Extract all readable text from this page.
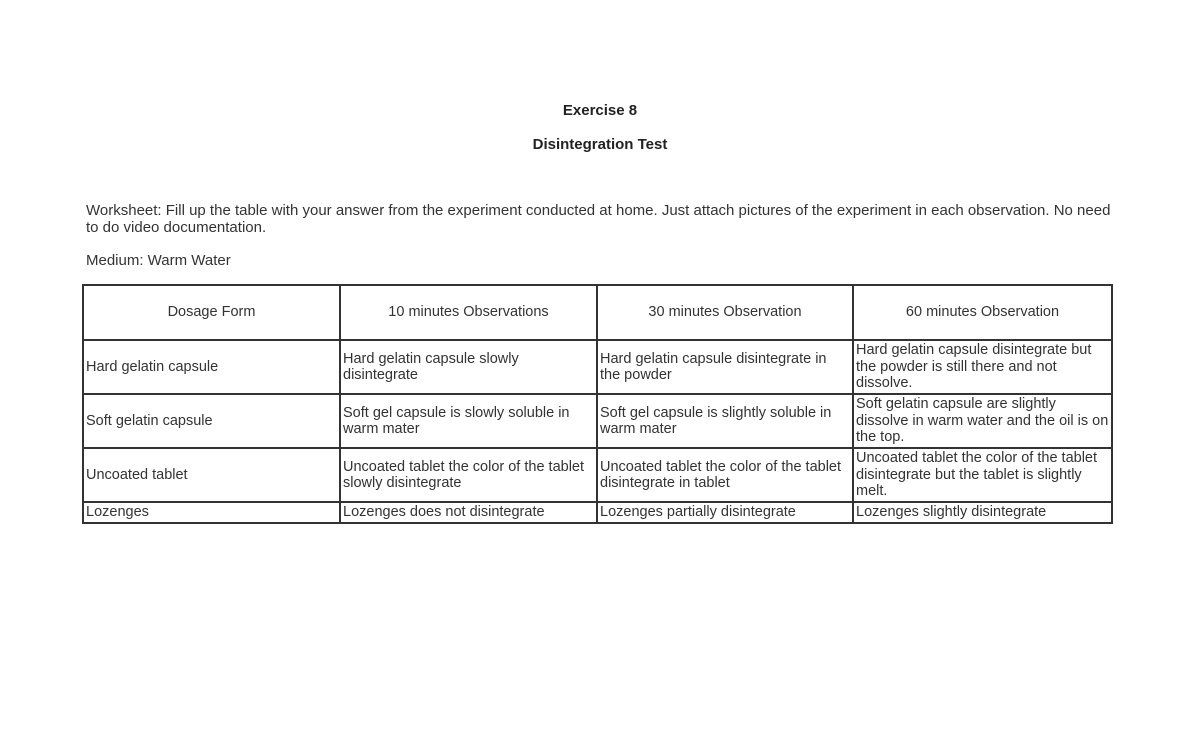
Exercise 8
Disintegration Test
Worksheet: Fill up the table with your answer from the experiment conducted at home. Just attach pictures of the experiment in each observation. No need to do video documentation.
Medium: Warm Water
Dosage Form	10 minutes Observations	30 minutes Observation	60 minutes Observation
Hard gelatin capsule	Hard gelatin capsule slowly disintegrate	Hard gelatin capsule disintegrate in the powder	Hard gelatin capsule disintegrate but the powder is still there and not dissolve.
Soft gelatin capsule	Soft gel capsule is slowly soluble in warm mater	Soft gel capsule is slightly soluble in warm mater	Soft gelatin capsule are slightly dissolve in warm water and the oil is on the top.
Uncoated tablet	Uncoated tablet the color of the tablet slowly disintegrate	Uncoated tablet the color of the tablet disintegrate in tablet	Uncoated tablet the color of the tablet disintegrate but the tablet is slightly melt.
Lozenges	Lozenges does not disintegrate	Lozenges partially disintegrate	Lozenges slightly disintegrate
